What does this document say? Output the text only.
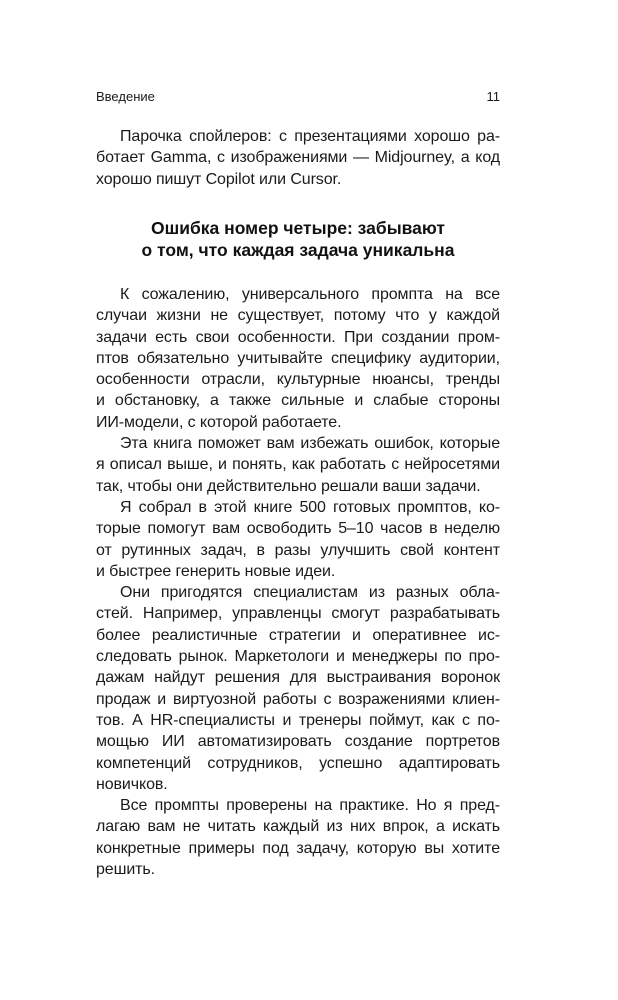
Введение	11
Парочка спойлеров: с презентациями хорошо ра-
ботает Gamma, с изображениями — Midjourney, а код
хорошо пишут Copilot или Cursor.
Ошибка номер четыре: забывают
о том, что каждая задача уникальна
К сожалению, универсального промпта на все
случаи жизни не существует, потому что у каждой
задачи есть свои особенности. При создании пром-
птов обязательно учитывайте специфику аудитории,
особенности отрасли, культурные нюансы, тренды
и обстановку, а также сильные и слабые стороны
ИИ-модели, с которой работаете.
Эта книга поможет вам избежать ошибок, которые
я описал выше, и понять, как работать с нейросетями
так, чтобы они действительно решали ваши задачи.
Я собрал в этой книге 500 готовых промптов, ко-
торые помогут вам освободить 5–10 часов в неделю
от рутинных задач, в разы улучшить свой контент
и быстрее генерить новые идеи.
Они пригодятся специалистам из разных обла-
стей. Например, управленцы смогут разрабатывать
более реалистичные стратегии и оперативнее ис-
следовать рынок. Маркетологи и менеджеры по про-
дажам найдут решения для выстраивания воронок
продаж и виртуозной работы с возражениями клиен-
тов. А HR-специалисты и тренеры поймут, как с по-
мощью ИИ автоматизировать создание портретов
компетенций сотрудников, успешно адаптировать
новичков.
Все промпты проверены на практике. Но я пред-
лагаю вам не читать каждый из них впрок, а искать
конкретные примеры под задачу, которую вы хотите
решить.
